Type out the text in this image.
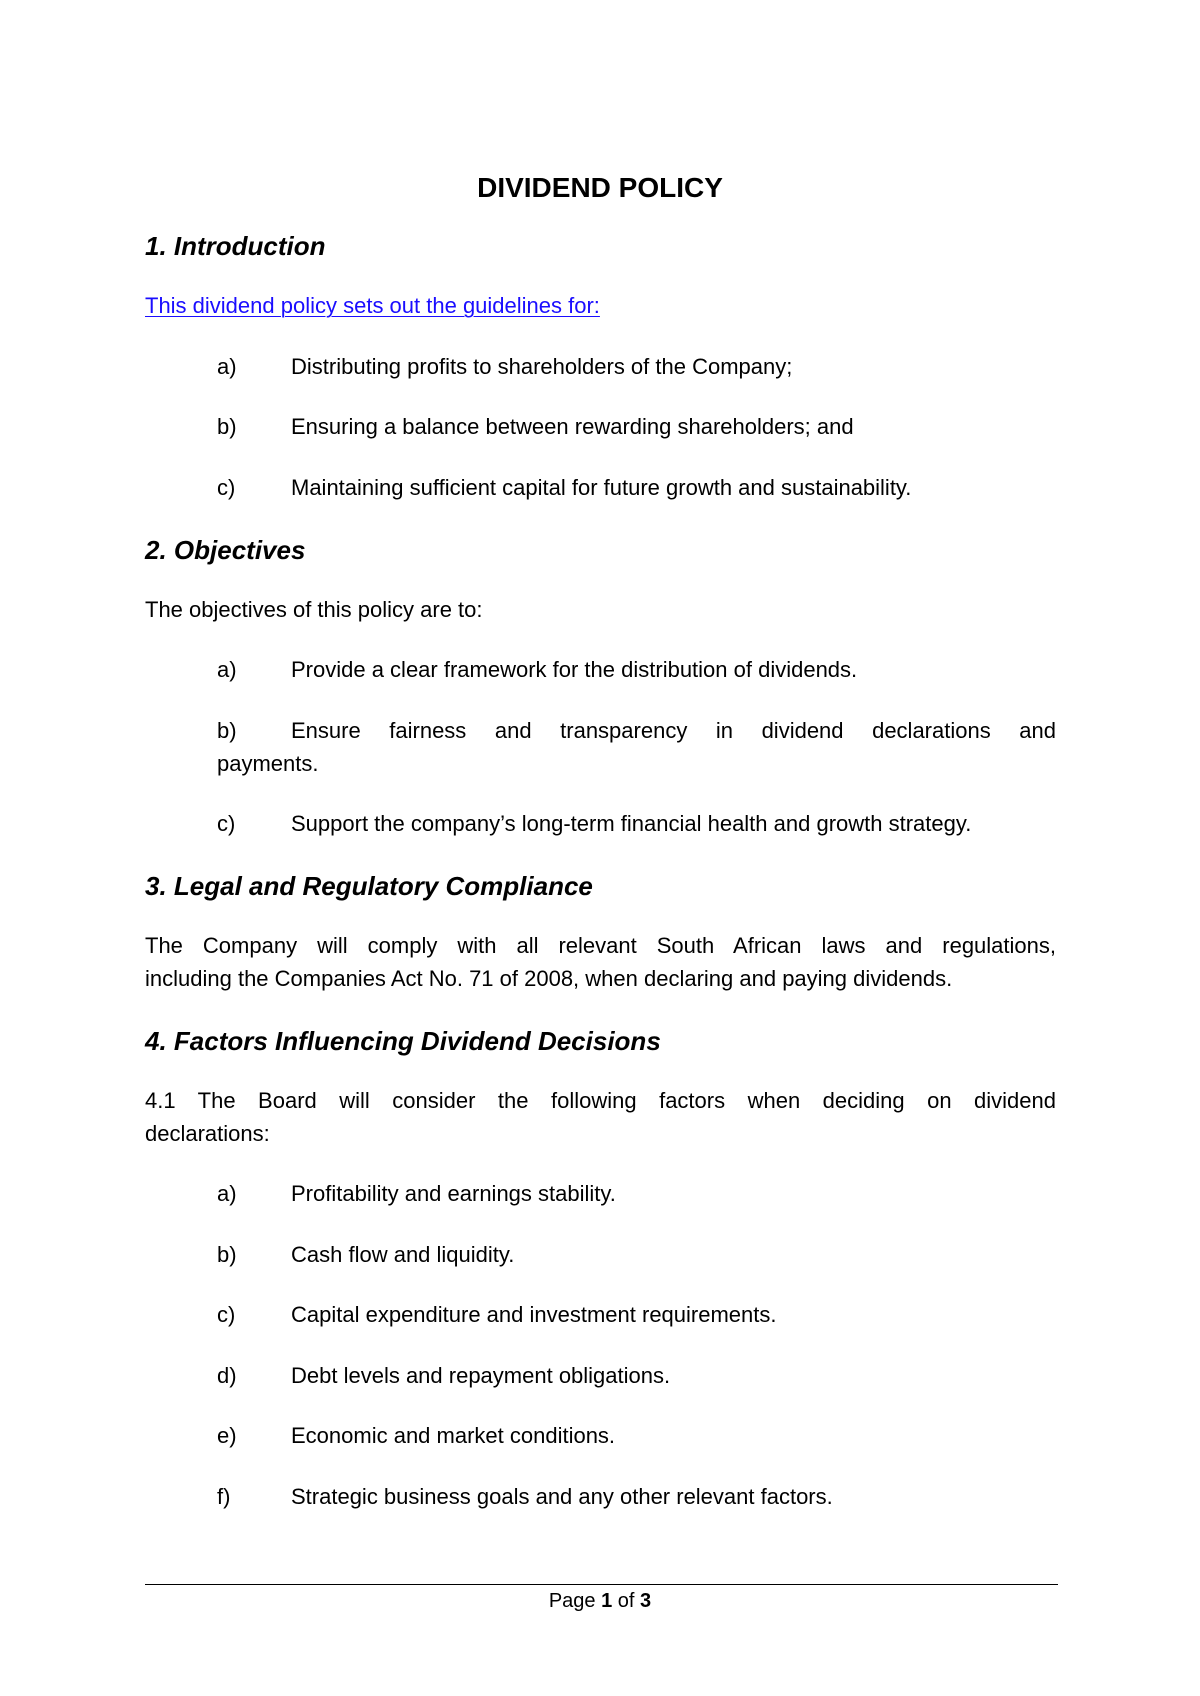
DIVIDEND POLICY
1. Introduction
This dividend policy sets out the guidelines for:
a) Distributing profits to shareholders of the Company;
b) Ensuring a balance between rewarding shareholders; and
c)	Maintaining sufficient capital for future growth and sustainability.
2. Objectives
The objectives of this policy are to:
a) Provide a clear framework for the distribution of dividends.
b) Ensure fairness and transparency in dividend declarations and
payments.
c)	Support the company’s long-term financial health and growth strategy.
3. Legal and Regulatory Compliance
The Company will comply with all relevant South African laws and regulations,
including the Companies Act No. 71 of 2008, when declaring and paying dividends.
4. Factors Influencing Dividend Decisions
4.1 The Board will consider the following factors when deciding on dividend
declarations:
a) Profitability and earnings stability.
b) Cash flow and liquidity.
c)	Capital expenditure and investment requirements.
d) Debt levels and repayment obligations.
e) Economic and market conditions.
f)	Strategic business goals and any other relevant factors.
Page 1 of 3
